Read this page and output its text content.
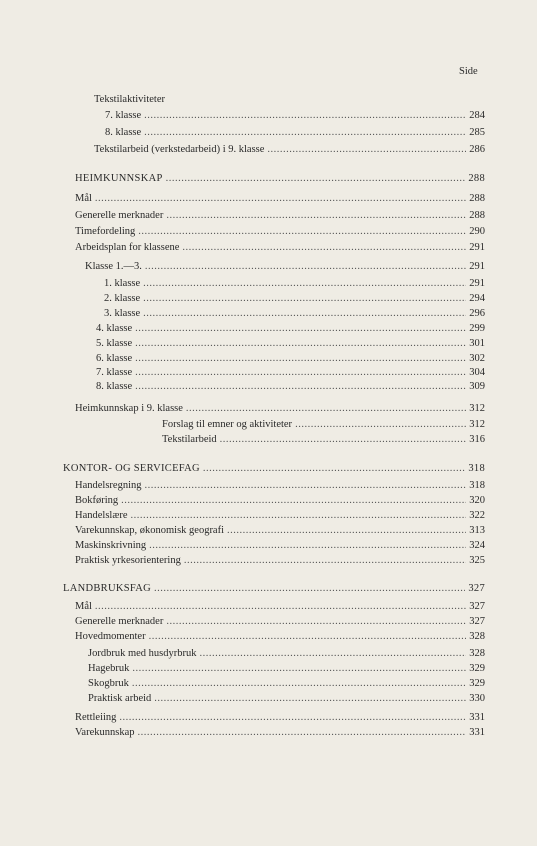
Side
Tekstilaktiviteter
7. klasse .....	284
8. klasse .....	285
Tekstilarbeid (verkstedarbeid) i 9. klasse .....	286
HEIMKUNNSKAP .....	288
Mål .....	288
Generelle merknader .....	288
Timefordeling .....	290
Arbeidsplan for klassene .....	291
Klasse 1.—3. .....	291
1. klasse .....	291
2. klasse .....	294
3. klasse .....	296
4. klasse .....	299
5. klasse .....	301
6. klasse .....	302
7. klasse .....	304
8. klasse .....	309
Heimkunnskap i 9. klasse .....	312
Forslag til emner og aktiviteter .....	312
Tekstilarbeid .....	316
KONTOR- OG SERVICEFAG .....	318
Handelsregning .....	318
Bokføring .....	320
Handelslære .....	322
Varekunnskap, økonomisk geografi .....	313
Maskinskrivning .....	324
Praktisk yrkesorientering .....	325
LANDBRUKSFAG .....	327
Mål .....	327
Generelle merknader .....	327
Hovedmomenter .....	328
Jordbruk med husdyrbruk .....	328
Hagebruk .....	329
Skogbruk .....	329
Praktisk arbeid .....	330
Rettleiing .....	331
Varekunnskap .....	331
